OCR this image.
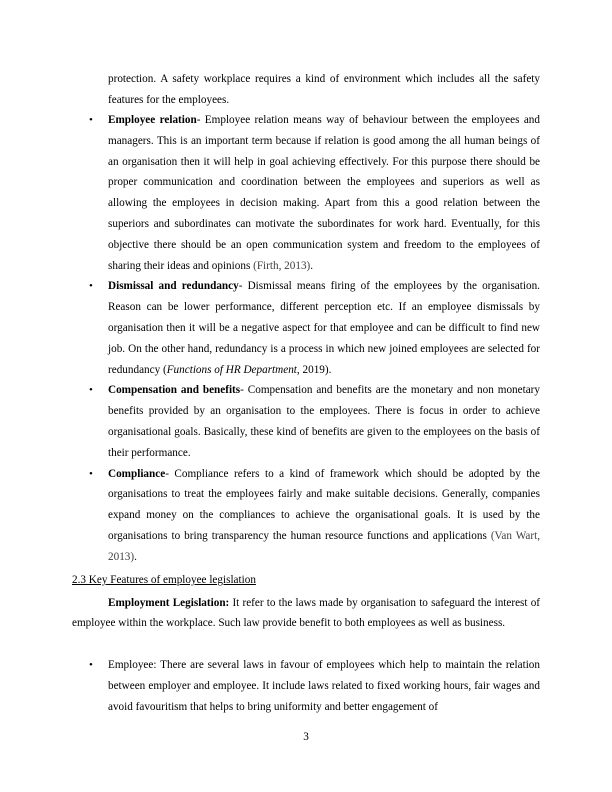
protection. A safety workplace requires a kind of environment which includes all the safety features for the employees.

• Employee relation- Employee relation means way of behaviour between the employees and managers. This is an important term because if relation is good among the all human beings of an organisation then it will help in goal achieving effectively. For this purpose there should be proper communication and coordination between the employees and superiors as well as allowing the employees in decision making. Apart from this a good relation between the superiors and subordinates can motivate the subordinates for work hard. Eventually, for this objective there should be an open communication system and freedom to the employees of sharing their ideas and opinions (Firth, 2013).
• Dismissal and redundancy- Dismissal means firing of the employees by the organisation. Reason can be lower performance, different perception etc. If an employee dismissals by organisation then it will be a negative aspect for that employee and can be difficult to find new job. On the other hand, redundancy is a process in which new joined employees are selected for redundancy (Functions of HR Department, 2019).
• Compensation and benefits- Compensation and benefits are the monetary and non monetary benefits provided by an organisation to the employees. There is focus in order to achieve organisational goals. Basically, these kind of benefits are given to the employees on the basis of their performance.
• Compliance- Compliance refers to a kind of framework which should be adopted by the organisations to treat the employees fairly and make suitable decisions. Generally, companies expand money on the compliances to achieve the organisational goals. It is used by the organisations to bring transparency the human resource functions and applications (Van Wart, 2013).
2.3 Key Features of employee legislation

Employment Legislation: It refer to the laws made by organisation to safeguard the interest of employee within the workplace. Such law provide benefit to both employees as well as business.

• Employee: There are several laws in favour of employees which help to maintain the relation between employer and employee. It include laws related to fixed working hours, fair wages and avoid favouritism that helps to bring uniformity and better engagement of
3
